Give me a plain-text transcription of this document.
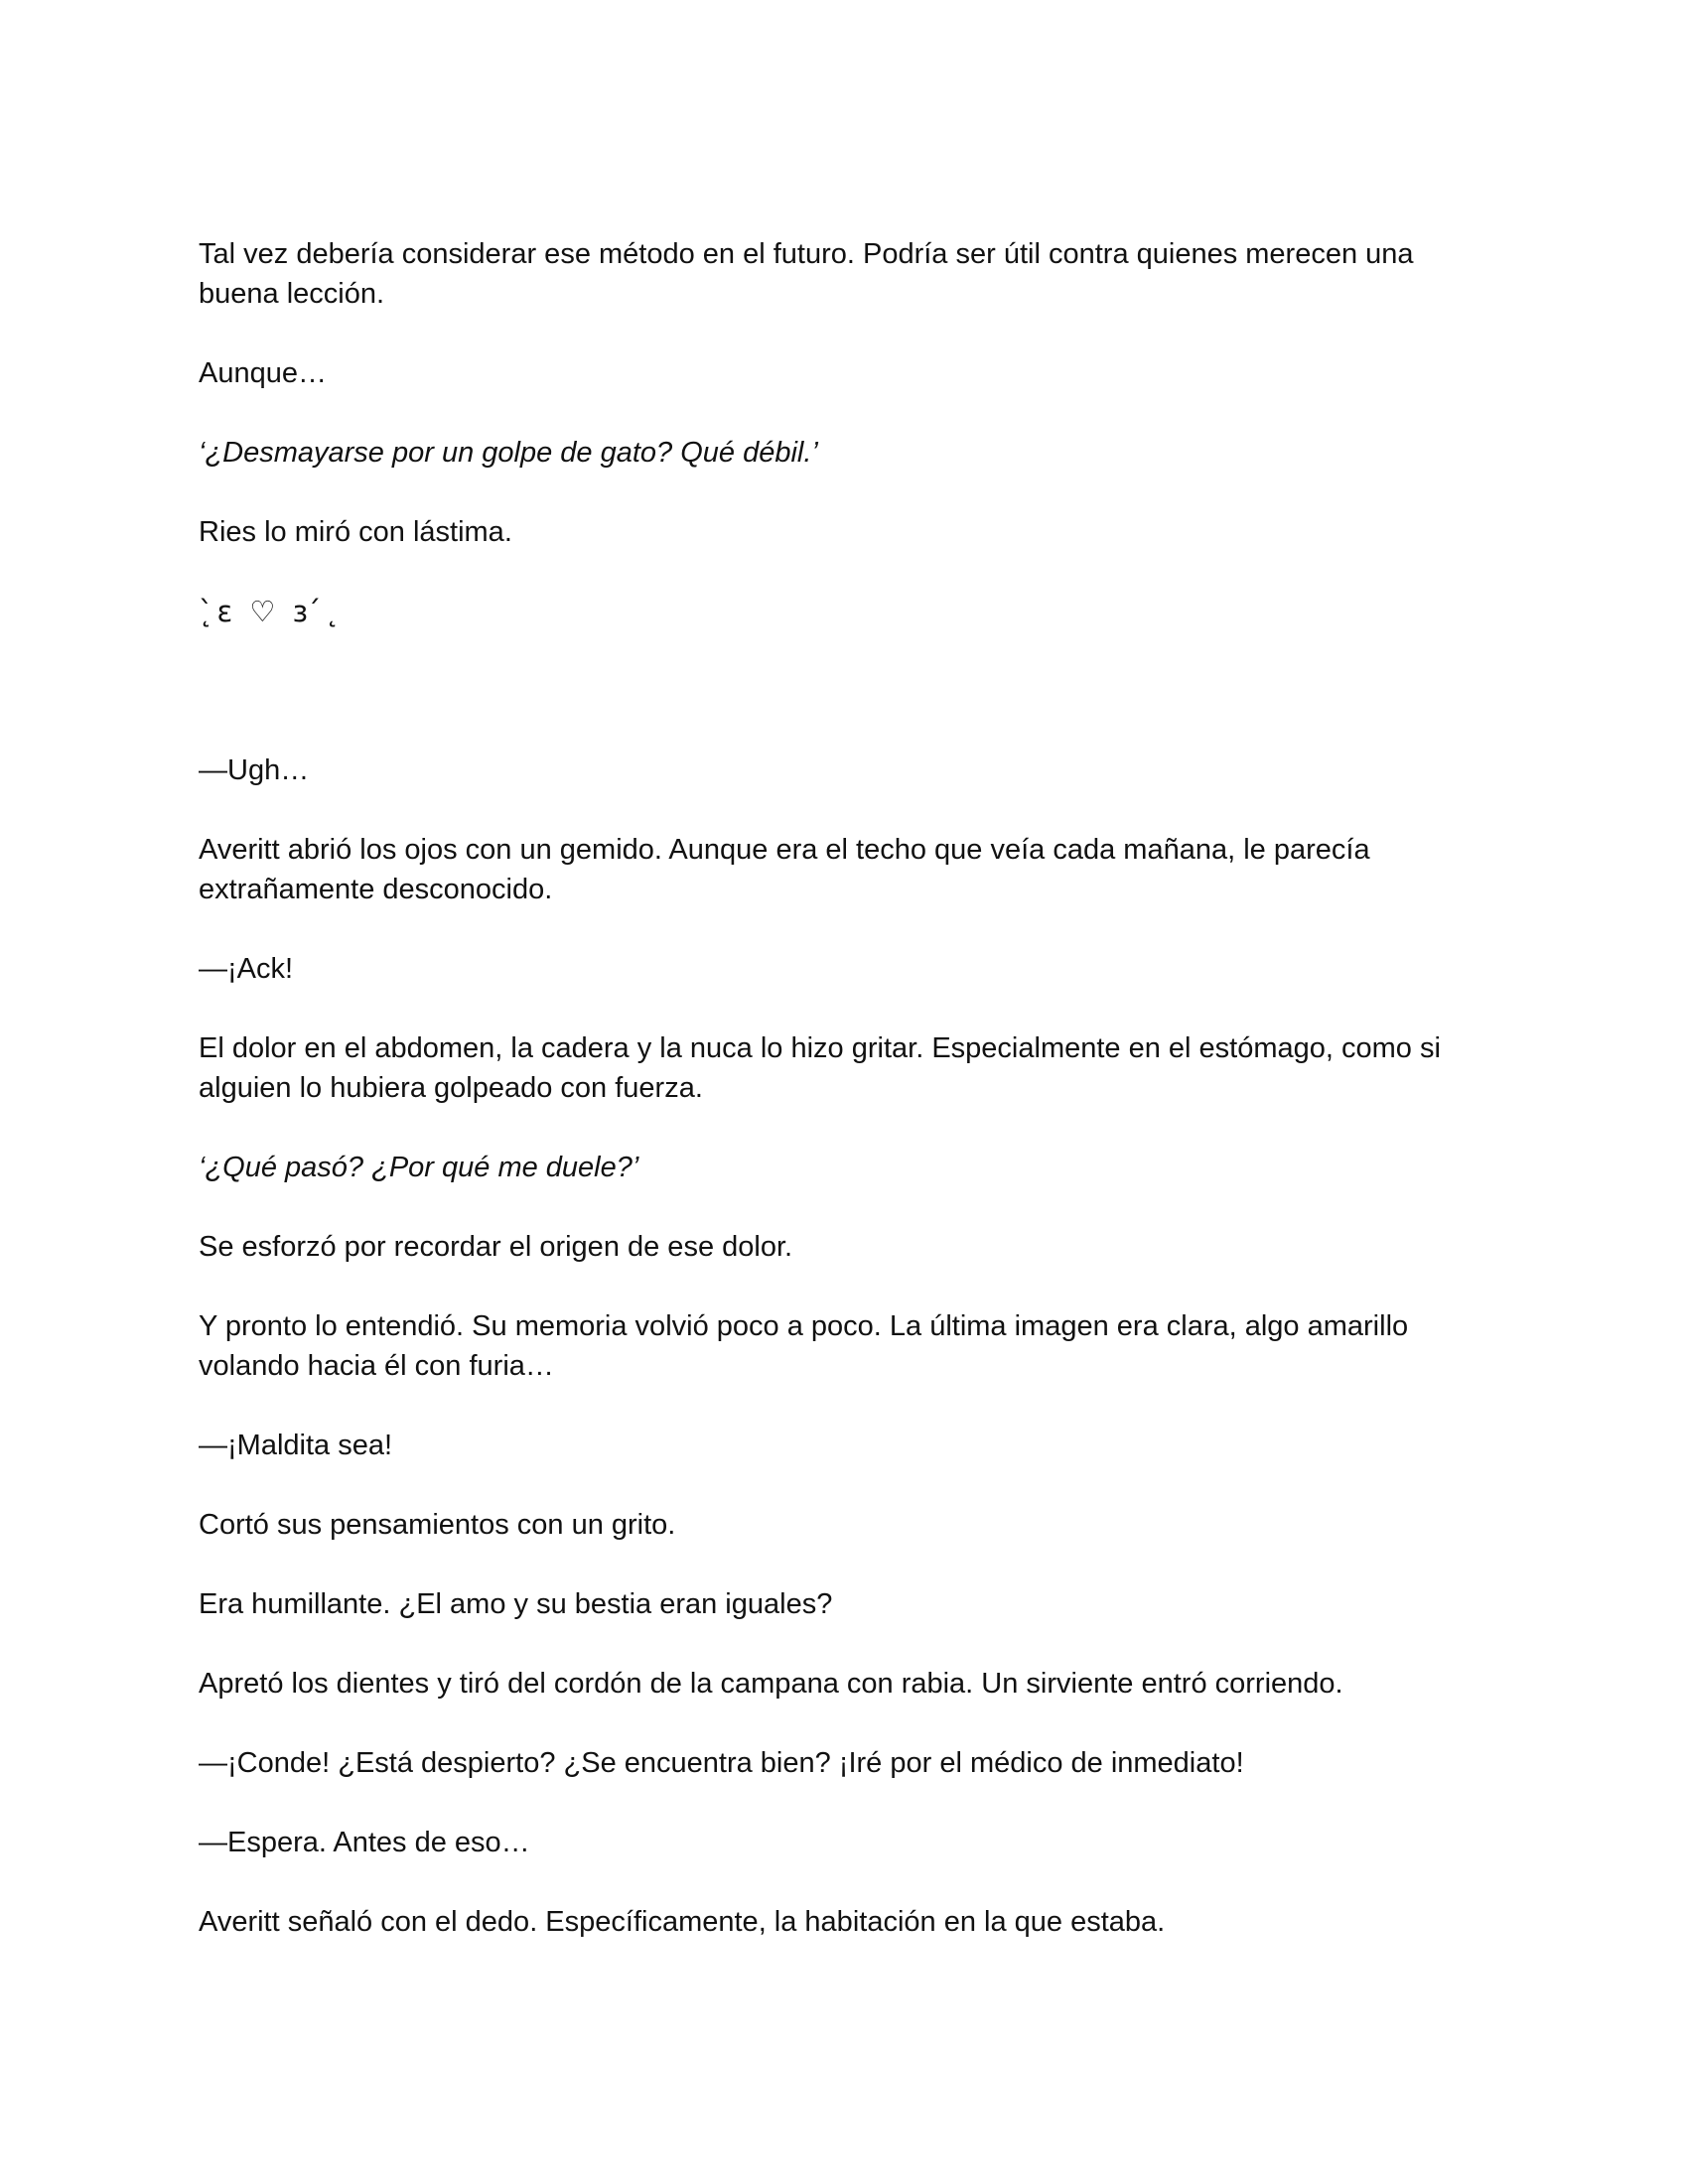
Tal vez debería considerar ese método en el futuro. Podría ser útil contra quienes merecen una buena lección.

Aunque…

‘¿Desmayarse por un golpe de gato? Qué débil.’

Ries lo miró con lástima.

˛̀ɛ ♡ ɜ ́˛

—Ugh…

Averitt abrió los ojos con un gemido. Aunque era el techo que veía cada mañana, le parecía extrañamente desconocido.

—¡Ack!

El dolor en el abdomen, la cadera y la nuca lo hizo gritar. Especialmente en el estómago, como si alguien lo hubiera golpeado con fuerza.

‘¿Qué pasó? ¿Por qué me duele?’

Se esforzó por recordar el origen de ese dolor.

Y pronto lo entendió. Su memoria volvió poco a poco. La última imagen era clara, algo amarillo volando hacia él con furia…

—¡Maldita sea!

Cortó sus pensamientos con un grito.

Era humillante. ¿El amo y su bestia eran iguales?

Apretó los dientes y tiró del cordón de la campana con rabia. Un sirviente entró corriendo.

—¡Conde! ¿Está despierto? ¿Se encuentra bien? ¡Iré por el médico de inmediato!

—Espera. Antes de eso…

Averitt señaló con el dedo. Específicamente, la habitación en la que estaba.
